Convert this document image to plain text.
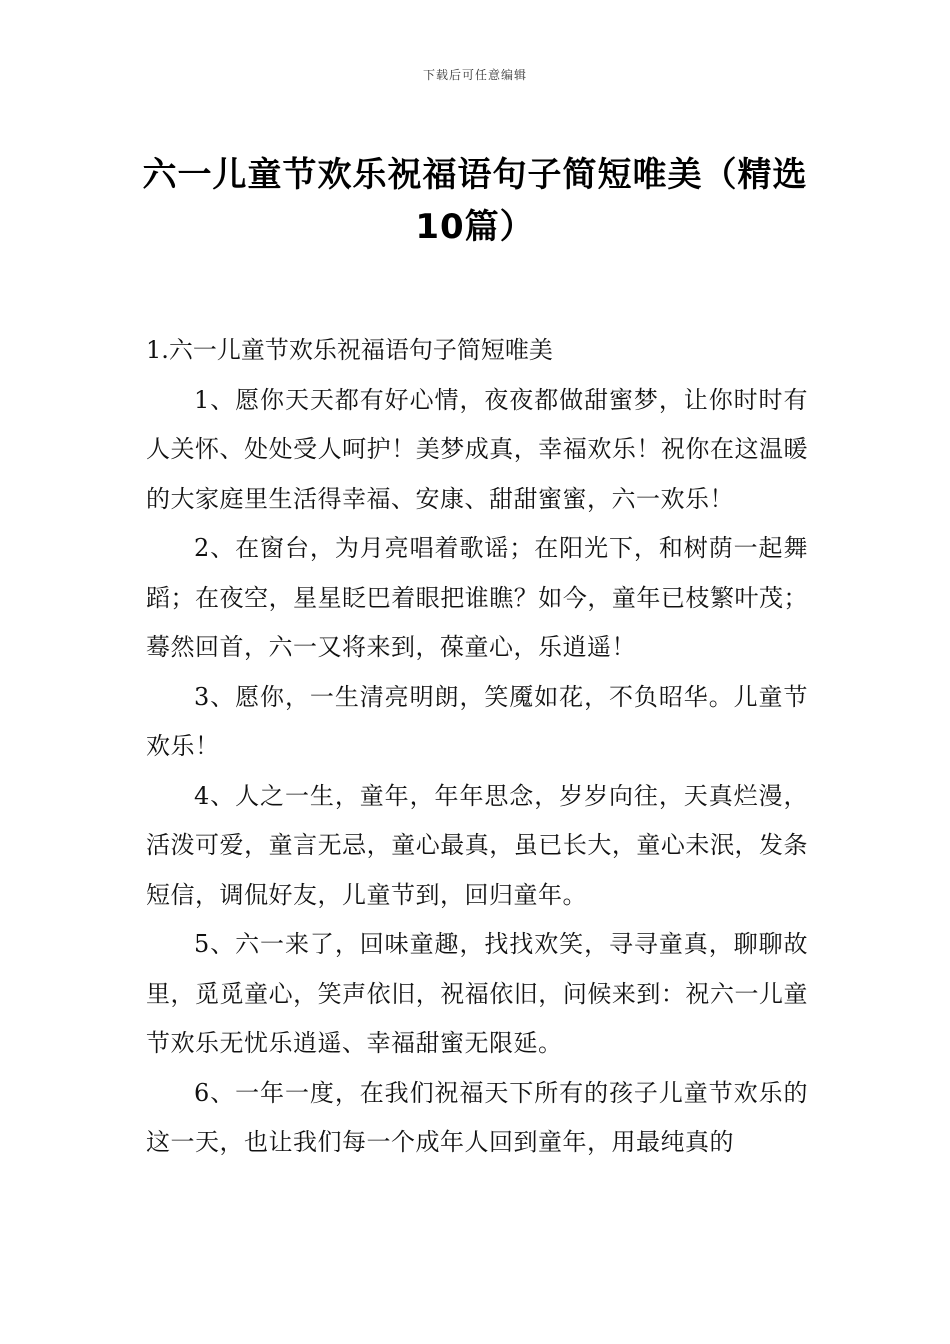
下载后可任意编辑
六一儿童节欢乐祝福语句子简短唯美（精选10篇）

1.六一儿童节欢乐祝福语句子简短唯美

1、愿你天天都有好心情，夜夜都做甜蜜梦，让你时时有人关怀、处处受人呵护！美梦成真，幸福欢乐！祝你在这温暖的大家庭里生活得幸福、安康、甜甜蜜蜜，六一欢乐！

2、在窗台，为月亮唱着歌谣；在阳光下，和树荫一起舞蹈；在夜空，星星眨巴着眼把谁瞧？如今，童年已枝繁叶茂；蓦然回首，六一又将来到，葆童心，乐逍遥！

3、愿你，一生清亮明朗，笑魇如花，不负昭华。儿童节欢乐！

4、人之一生，童年，年年思念，岁岁向往，天真烂漫，活泼可爱，童言无忌，童心最真，虽已长大，童心未泯，发条短信，调侃好友，儿童节到，回归童年。

5、六一来了，回味童趣，找找欢笑，寻寻童真，聊聊故里，觅觅童心，笑声依旧，祝福依旧，问候来到：祝六一儿童节欢乐无忧乐逍遥、幸福甜蜜无限延。

6、一年一度，在我们祝福天下所有的孩子儿童节欢乐的这一天，也让我们每一个成年人回到童年，用最纯真的
